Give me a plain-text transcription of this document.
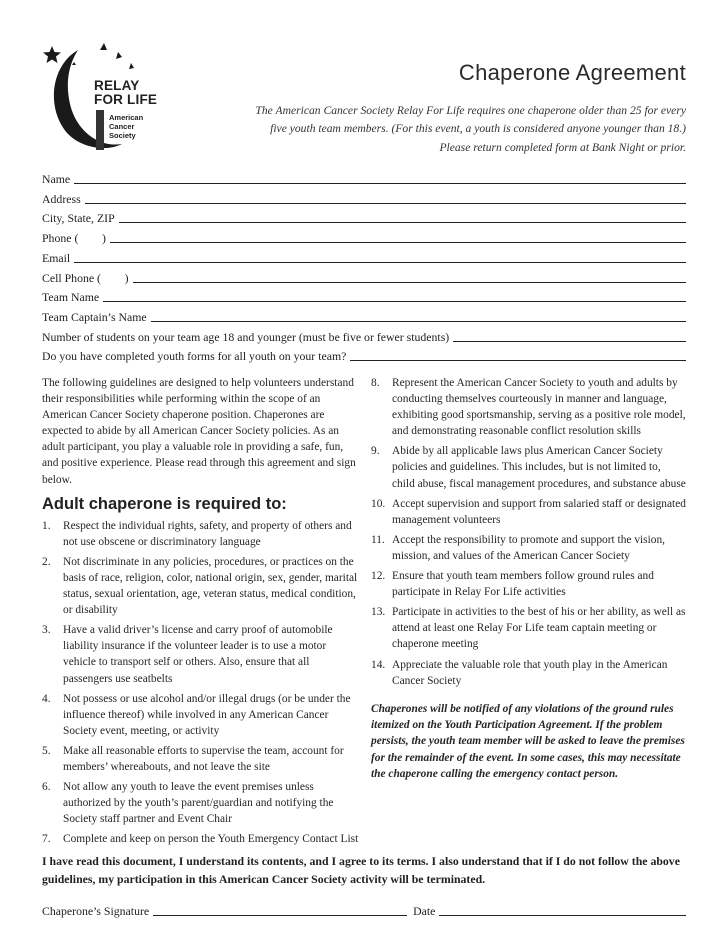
RELAY
FOR LIFE
American
Cancer
Society
Chaperone Agreement
The American Cancer Society Relay For Life requires one chaperone older than 25 for every
five youth team members. (For this event, a youth is considered anyone younger than 18.)
Please return completed form at Bank Night or prior.
Name
Address
City, State, ZIP
Phone (        )
Email
Cell Phone (        )
Team Name
Team Captain’s Name
Number of students on your team age 18 and younger (must be five or fewer students)
Do you have completed youth forms for all youth on your team?

The following guidelines are designed to help volunteers understand their responsibilities while performing within the scope of an American Cancer Society chaperone position. Chaperones are expected to abide by all American Cancer Society policies. As an adult participant, you play a valuable role in providing a safe, fun, and positive experience. Please read through this agreement and sign below.

Adult chaperone is required to:
1. Respect the individual rights, safety, and property of others and not use obscene or discriminatory language
2. Not discriminate in any policies, procedures, or practices on the basis of race, religion, color, national origin, sex, gender, marital status, sexual orientation, age, veteran status, medical condition, or disability
3. Have a valid driver’s license and carry proof of automobile liability insurance if the volunteer leader is to use a motor vehicle to transport self or others. Also, ensure that all passengers use seatbelts
4. Not possess or use alcohol and/or illegal drugs (or be under the influence thereof) while involved in any American Cancer Society event, meeting, or activity
5. Make all reasonable efforts to supervise the team, account for members’ whereabouts, and not leave the site
6. Not allow any youth to leave the event premises unless authorized by the youth’s parent/guardian and notifying the Society staff partner and Event Chair
7. Complete and keep on person the Youth Emergency Contact List
8. Represent the American Cancer Society to youth and adults by conducting themselves courteously in manner and language, exhibiting good sportsmanship, serving as a positive role model, and demonstrating reasonable conflict resolution skills
9. Abide by all applicable laws plus American Cancer Society policies and guidelines. This includes, but is not limited to, child abuse, fiscal management procedures, and substance abuse
10. Accept supervision and support from salaried staff or designated management volunteers
11. Accept the responsibility to promote and support the vision, mission, and values of the American Cancer Society
12. Ensure that youth team members follow ground rules and participate in Relay For Life activities
13. Participate in activities to the best of his or her ability, as well as attend at least one Relay For Life team captain meeting or chaperone meeting
14. Appreciate the valuable role that youth play in the American Cancer Society

Chaperones will be notified of any violations of the ground rules itemized on the Youth Participation Agreement. If the problem persists, the youth team member will be asked to leave the premises for the remainder of the event. In some cases, this may necessitate the chaperone calling the emergency contact person.

I have read this document, I understand its contents, and I agree to its terms. I also understand that if I do not follow the above guidelines, my participation in this American Cancer Society activity will be terminated.
Chaperone’s Signature	Date
